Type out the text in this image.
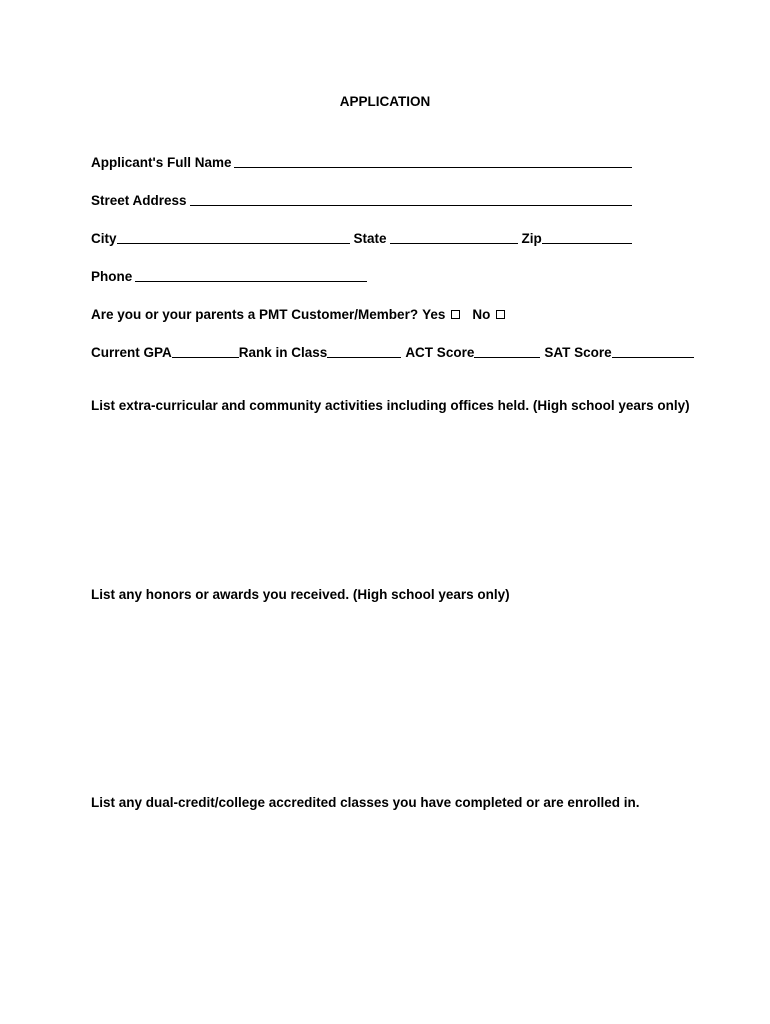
APPLICATION
Applicant's Full Name
Street Address
City	State	Zip
Phone
Are you or your parents a PMT Customer/Member? Yes No
Current GPA	Rank in Class	ACT Score	SAT Score
List extra-curricular and community activities including offices held. (High school years only)
List any honors or awards you received. (High school years only)
List any dual-credit/college accredited classes you have completed or are enrolled in.
